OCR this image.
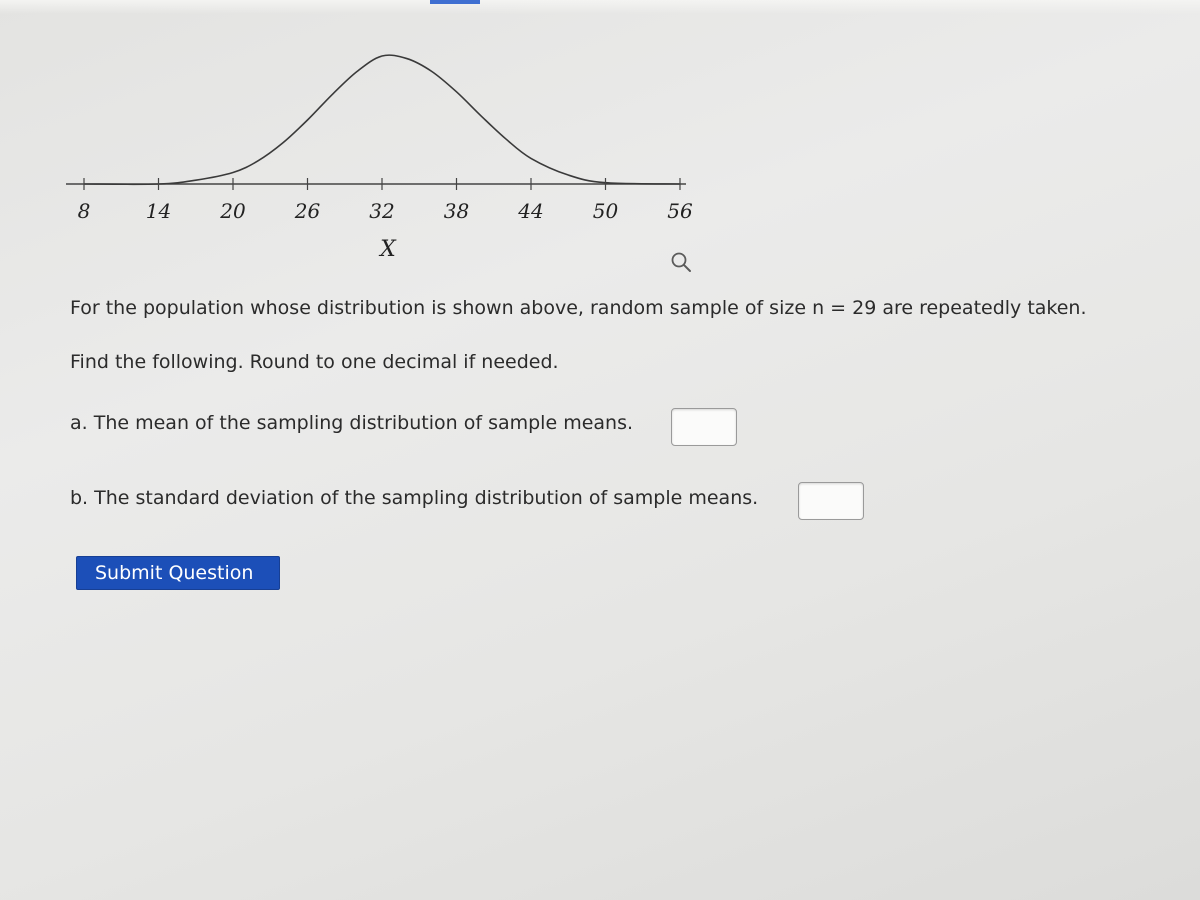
8	14 20 26 32 38 44 50 56
X
For the population whose distribution is shown above, random sample of size n = 29 are repeatedly taken.
Find the following. Round to one decimal if needed.
a. The mean of the sampling distribution of sample means.
b. The standard deviation of the sampling distribution of sample means.
Submit Question
